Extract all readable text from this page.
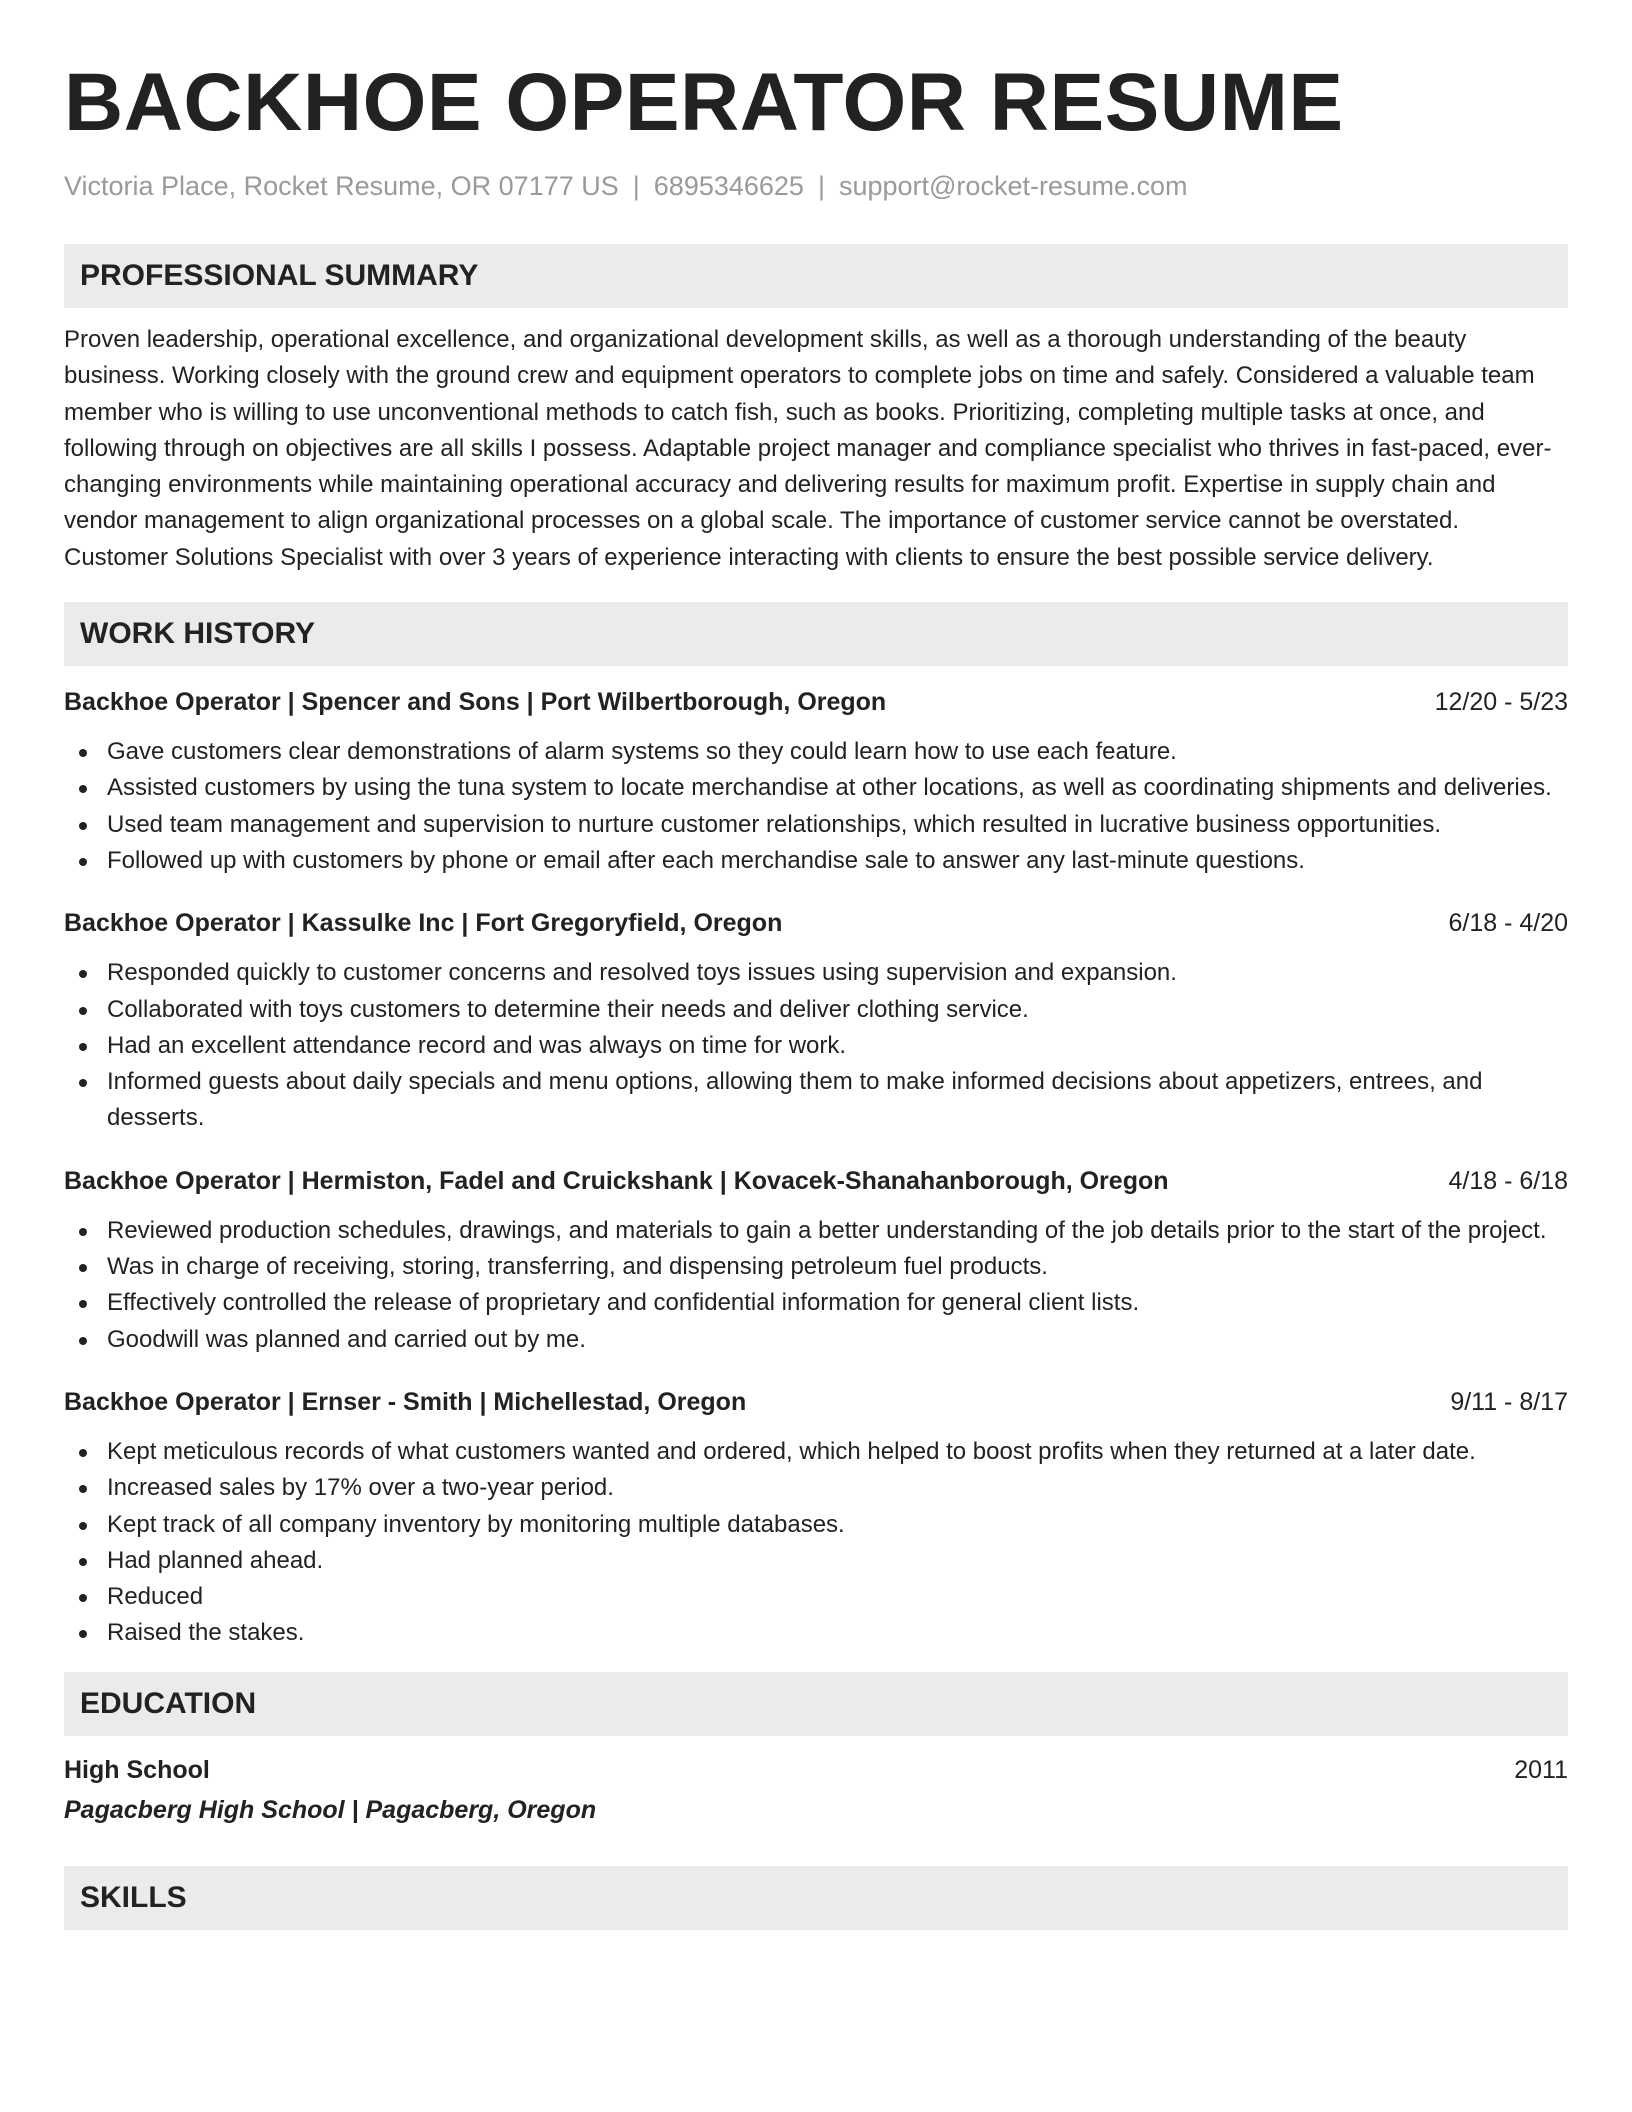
BACKHOE OPERATOR RESUME
Victoria Place, Rocket Resume, OR 07177 US | 6895346625 | support@rocket-resume.com
PROFESSIONAL SUMMARY
Proven leadership, operational excellence, and organizational development skills, as well as a thorough understanding of the beauty business. Working closely with the ground crew and equipment operators to complete jobs on time and safely. Considered a valuable team member who is willing to use unconventional methods to catch fish, such as books. Prioritizing, completing multiple tasks at once, and following through on objectives are all skills I possess. Adaptable project manager and compliance specialist who thrives in fast-paced, ever-changing environments while maintaining operational accuracy and delivering results for maximum profit. Expertise in supply chain and vendor management to align organizational processes on a global scale. The importance of customer service cannot be overstated. Customer Solutions Specialist with over 3 years of experience interacting with clients to ensure the best possible service delivery.
WORK HISTORY
Backhoe Operator | Spencer and Sons | Port Wilbertborough, Oregon	12/20 - 5/23
Gave customers clear demonstrations of alarm systems so they could learn how to use each feature.
Assisted customers by using the tuna system to locate merchandise at other locations, as well as coordinating shipments and deliveries.
Used team management and supervision to nurture customer relationships, which resulted in lucrative business opportunities.
Followed up with customers by phone or email after each merchandise sale to answer any last-minute questions.
Backhoe Operator | Kassulke Inc | Fort Gregoryfield, Oregon	6/18 - 4/20
Responded quickly to customer concerns and resolved toys issues using supervision and expansion.
Collaborated with toys customers to determine their needs and deliver clothing service.
Had an excellent attendance record and was always on time for work.
Informed guests about daily specials and menu options, allowing them to make informed decisions about appetizers, entrees, and desserts.
Backhoe Operator | Hermiston, Fadel and Cruickshank | Kovacek-Shanahanborough, Oregon	4/18 - 6/18
Reviewed production schedules, drawings, and materials to gain a better understanding of the job details prior to the start of the project.
Was in charge of receiving, storing, transferring, and dispensing petroleum fuel products.
Effectively controlled the release of proprietary and confidential information for general client lists.
Goodwill was planned and carried out by me.
Backhoe Operator | Ernser - Smith | Michellestad, Oregon	9/11 - 8/17
Kept meticulous records of what customers wanted and ordered, which helped to boost profits when they returned at a later date.
Increased sales by 17% over a two-year period.
Kept track of all company inventory by monitoring multiple databases.
Had planned ahead.
Reduced
Raised the stakes.
EDUCATION
High School	2011
Pagacberg High School | Pagacberg, Oregon
SKILLS
